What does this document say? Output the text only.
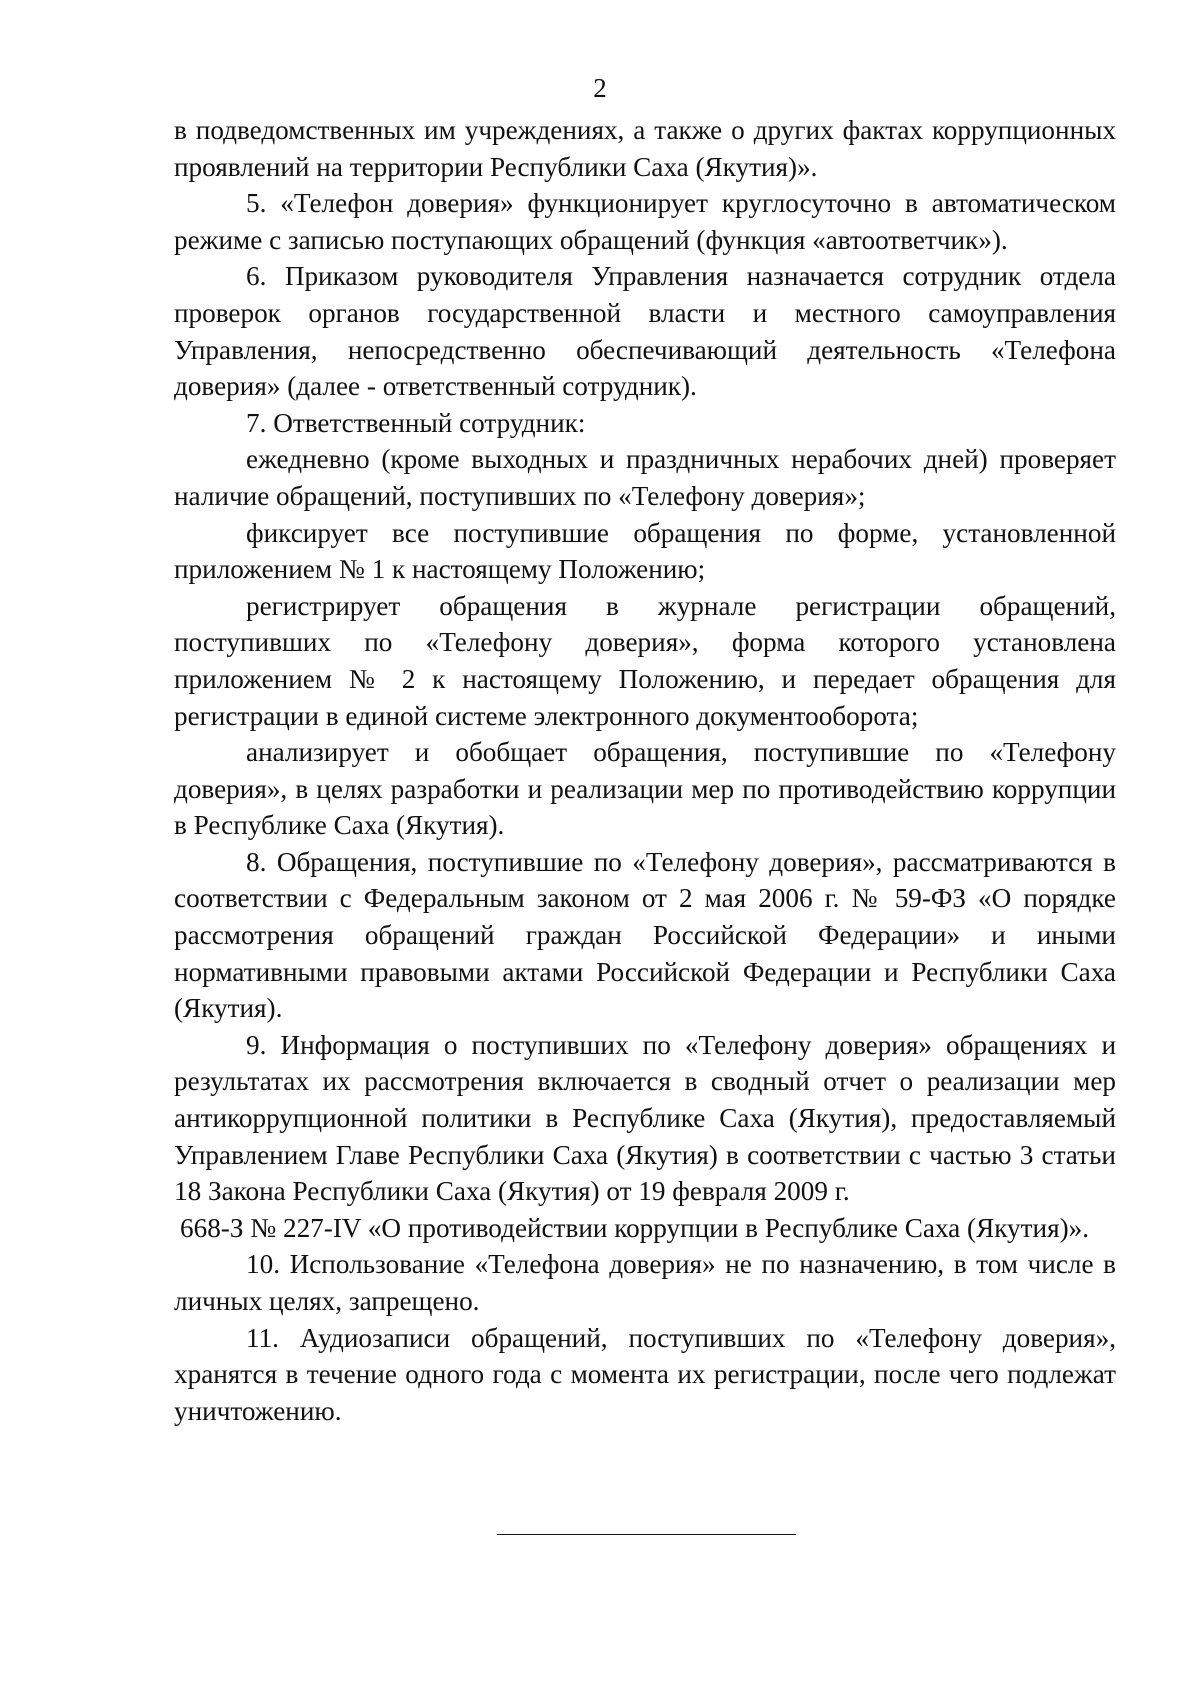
2

в подведомственных им учреждениях, а также о других фактах коррупционных проявлений на территории Республики Саха (Якутия)».

5. «Телефон доверия» функционирует круглосуточно в автоматическом режиме с записью поступающих обращений (функция «автоответчик»).

6. Приказом руководителя Управления назначается сотрудник отдела проверок органов государственной власти и местного самоуправления Управления, непосредственно обеспечивающий деятельность «Телефона доверия» (далее - ответственный сотрудник).

7. Ответственный сотрудник:

ежедневно (кроме выходных и праздничных нерабочих дней) проверяет наличие обращений, поступивших по «Телефону доверия»;

фиксирует все поступившие обращения по форме, установленной приложением № 1 к настоящему Положению;

регистрирует обращения в журнале регистрации обращений, поступивших по «Телефону доверия», форма которого установлена приложением № 2 к настоящему Положению, и передает обращения для регистрации в единой системе электронного документооборота;

анализирует и обобщает обращения, поступившие по «Телефону доверия», в целях разработки и реализации мер по противодействию коррупции в Республике Саха (Якутия).

8. Обращения, поступившие по «Телефону доверия», рассматриваются в соответствии с Федеральным законом от 2 мая 2006 г. № 59-ФЗ «О порядке рассмотрения обращений граждан Российской Федерации» и иными нормативными правовыми актами Российской Федерации и Республики Саха (Якутия).

9. Информация о поступивших по «Телефону доверия» обращениях и результатах их рассмотрения включается в сводный отчет о реализации мер антикоррупционной политики в Республике Саха (Якутия), предоставляемый Управлением Главе Республики Саха (Якутия) в соответствии с частью 3 статьи 18 Закона Республики Саха (Якутия) от 19 февраля 2009 г.

668-З № 227-IV «О противодействии коррупции в Республике Саха (Якутия)».

10. Использование «Телефона доверия» не по назначению, в том числе в личных целях, запрещено.

11. Аудиозаписи обращений, поступивших по «Телефону доверия», хранятся в течение одного года с момента их регистрации, после чего подлежат уничтожению.
